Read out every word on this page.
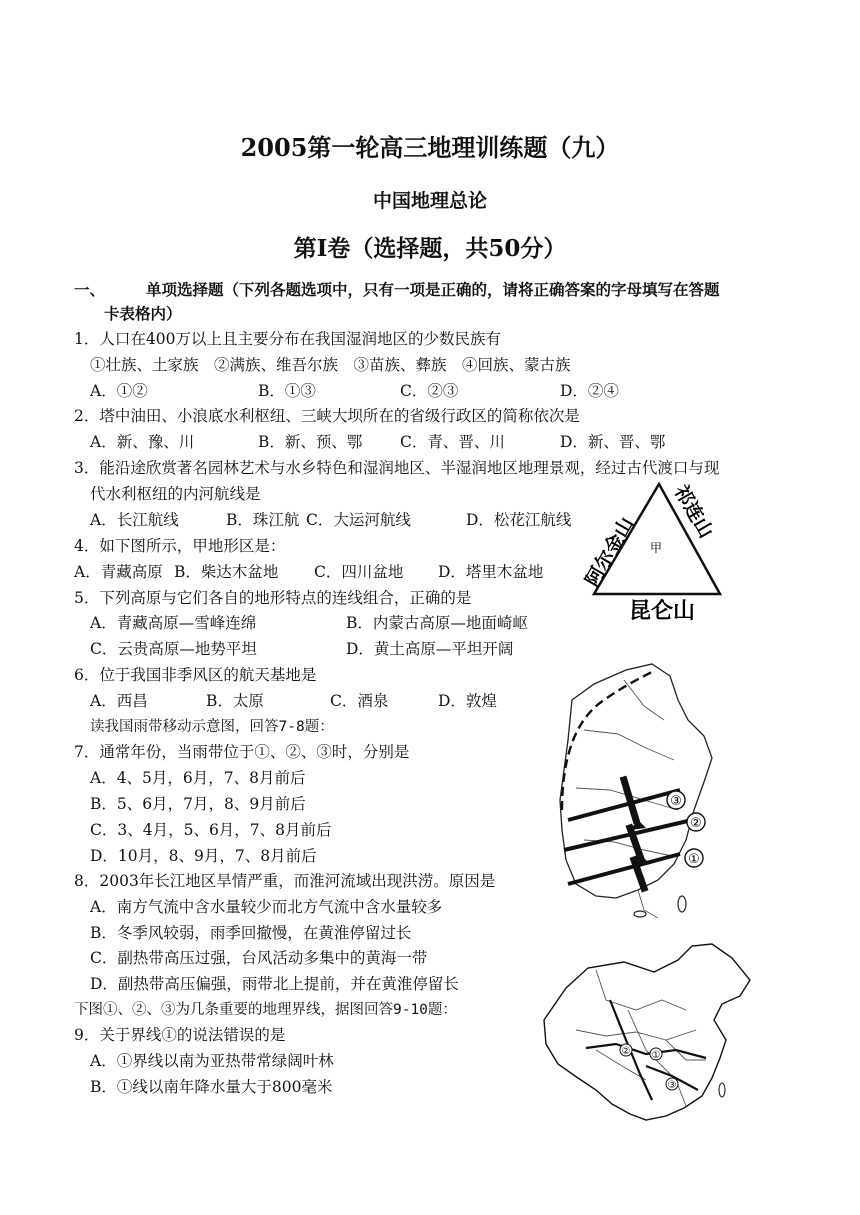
2005第一轮高三地理训练题（九）
中国地理总论
第I卷（选择题，共50分）
一、	单项选择题（下列各题选项中，只有一项是正确的，请将正确答案的字母填写在答题
卡表格内）
1．人口在400万以上且主要分布在我国湿润地区的少数民族有
①壮族、土家族　②满族、维吾尔族　③苗族、彝族　④回族、蒙古族
A．①②	B．①③	C．②③	D．②④
2．塔中油田、小浪底水利枢纽、三峡大坝所在的省级行政区的简称依次是
A．新、豫、川	B．新、预、鄂 C．青、晋、川	D．新、晋、鄂
3．能沿途欣赏著名园林艺术与水乡特色和湿润地区、半湿润地区地理景观，经过古代渡口与现
代水利枢纽的内河航线是
A．长江航线	B．珠江航 C．大运河航线	D．松花江航线
4．如下图所示，甲地形区是：
A．青藏高原 B．柴达木盆地 C．四川盆地 D．塔里木盆地
5．下列高原与它们各自的地形特点的连线组合，正确的是
A．青藏高原—雪峰连绵	B．内蒙古高原—地面崎岖
C．云贵高原—地势平坦	D．黄土高原—平坦开阔
6．位于我国非季风区的航天基地是
A．西昌	B．太原	C．酒泉	D．敦煌
读我国雨带移动示意图，回答7-8题：
7．通常年份，当雨带位于①、②、③时，分别是
A．4、5月，6月，7、8月前后
B．5、6月，7月，8、9月前后
C．3、4月，5、6月，7、8月前后
D．10月，8、9月，7、8月前后
8．2003年长江地区旱情严重，而淮河流域出现洪涝。原因是
A．南方气流中含水量较少而北方气流中含水量较多
B．冬季风较弱，雨季回撤慢，在黄淮停留过长
C．副热带高压过强，台风活动多集中的黄海一带
D．副热带高压偏强，雨带北上提前，并在黄淮停留长
下图①、②、③为几条重要的地理界线，据图回答9-10题：
9．关于界线①的说法错误的是
A．①界线以南为亚热带常绿阔叶林
B．①线以南年降水量大于800毫米
甲
阿尔金山
祁连山
昆仑山
③
②
①
② ①
③
